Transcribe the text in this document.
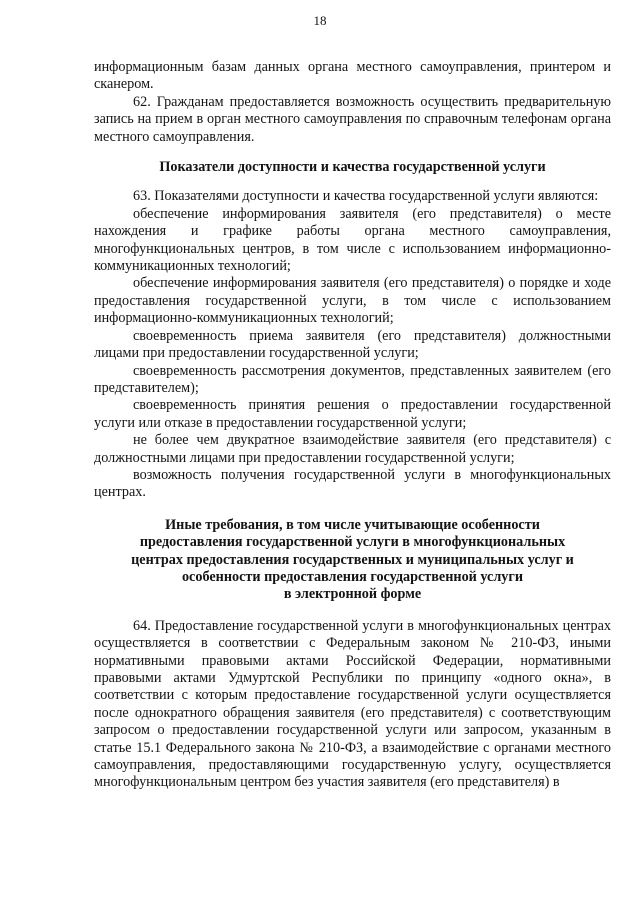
18

информационным базам данных органа местного самоуправления, принтером и сканером.

62. Гражданам предоставляется возможность осуществить предварительную запись на прием в орган местного самоуправления по справочным телефонам органа местного самоуправления.

Показатели доступности и качества государственной услуги

63. Показателями доступности и качества государственной услуги являются:

обеспечение информирования заявителя (его представителя) о месте нахождения и графике работы органа местного самоуправления, многофункциональных центров, в том числе с использованием информационно-коммуникационных технологий;

обеспечение информирования заявителя (его представителя) о порядке и ходе предоставления государственной услуги, в том числе с использованием информационно-коммуникационных технологий;

своевременность приема заявителя (его представителя) должностными лицами при предоставлении государственной услуги;

своевременность рассмотрения документов, представленных заявителем (его представителем);

своевременность принятия решения о предоставлении государственной услуги или отказе в предоставлении государственной услуги;

не более чем двукратное взаимодействие заявителя (его представителя) с должностными лицами при предоставлении государственной услуги;

возможность получения государственной услуги в многофункциональных центрах.

Иные требования, в том числе учитывающие особенности
предоставления государственной услуги в многофункциональных
центрах предоставления государственных и муниципальных услуг и
особенности предоставления государственной услуги
в электронной форме

64. Предоставление государственной услуги в многофункциональных центрах осуществляется в соответствии с Федеральным законом № 210-ФЗ, иными нормативными правовыми актами Российской Федерации, нормативными правовыми актами Удмуртской Республики по принципу «одного окна», в соответствии с которым предоставление государственной услуги осуществляется после однократного обращения заявителя (его представителя) с соответствующим запросом о предоставлении государственной услуги или запросом, указанным в статье 15.1 Федерального закона № 210-ФЗ, а взаимодействие с органами местного самоуправления, предоставляющими государственную услугу, осуществляется многофункциональным центром без участия заявителя (его представителя) в
